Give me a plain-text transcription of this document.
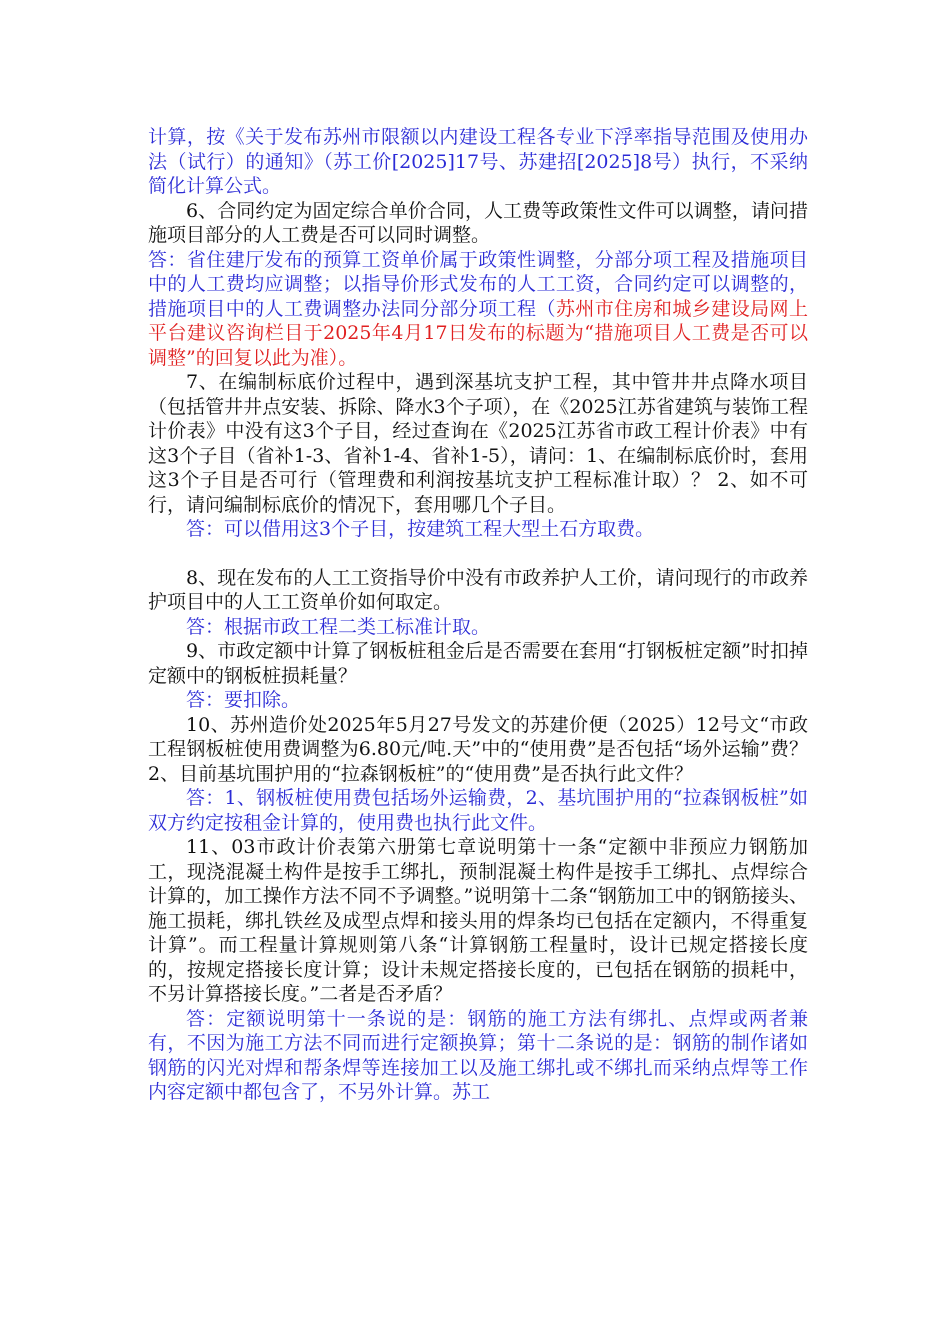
计算，按《关于发布苏州市限额以内建设工程各专业下浮率指导范围及使用办法（试行）的通知》（苏工价[2025]17号、苏建招[2025]8号）执行，不采纳简化计算公式。

6、合同约定为固定综合单价合同，人工费等政策性文件可以调整，请问措施项目部分的人工费是否可以同时调整。

答：省住建厅发布的预算工资单价属于政策性调整，分部分项工程及措施项目中的人工费均应调整；以指导价形式发布的人工工资，合同约定可以调整的，措施项目中的人工费调整办法同分部分项工程（苏州市住房和城乡建设局网上平台建议咨询栏目于2025年4月17日发布的标题为“措施项目人工费是否可以调整”的回复以此为准）。

7、在编制标底价过程中，遇到深基坑支护工程，其中管井井点降水项目（包括管井井点安装、拆除、降水3个子项），在《2025江苏省建筑与装饰工程计价表》中没有这3个子目，经过查询在《2025江苏省市政工程计价表》中有这3个子目（省补1-3、省补1-4、省补1-5），请问：1、在编制标底价时，套用这3个子目是否可行（管理费和利润按基坑支护工程标准计取）？ 2、如不可行，请问编制标底价的情况下，套用哪几个子目。

答：可以借用这3个子目，按建筑工程大型土石方取费。

8、现在发布的人工工资指导价中没有市政养护人工价，请问现行的市政养护项目中的人工工资单价如何取定。

答：根据市政工程二类工标准计取。

9、市政定额中计算了钢板桩租金后是否需要在套用“打钢板桩定额”时扣掉定额中的钢板桩损耗量？

答：要扣除。

10、苏州造价处2025年5月27号发文的苏建价便（2025）12号文“市政工程钢板桩使用费调整为6.80元/吨.天”中的“使用费”是否包括“场外运输”费？ 2、目前基坑围护用的“拉森钢板桩”的“使用费”是否执行此文件？

答：1、钢板桩使用费包括场外运输费，2、基坑围护用的“拉森钢板桩”如双方约定按租金计算的，使用费也执行此文件。

11、03市政计价表第六册第七章说明第十一条“定额中非预应力钢筋加工，现浇混凝土构件是按手工绑扎，预制混凝土构件是按手工绑扎、点焊综合计算的，加工操作方法不同不予调整。”说明第十二条“钢筋加工中的钢筋接头、施工损耗，绑扎铁丝及成型点焊和接头用的焊条均已包括在定额内，不得重复计算”。而工程量计算规则第八条“计算钢筋工程量时，设计已规定搭接长度的，按规定搭接长度计算；设计未规定搭接长度的，已包括在钢筋的损耗中，不另计算搭接长度。”二者是否矛盾？

答：定额说明第十一条说的是：钢筋的施工方法有绑扎、点焊或两者兼有，不因为施工方法不同而进行定额换算；第十二条说的是：钢筋的制作诸如钢筋的闪光对焊和帮条焊等连接加工以及施工绑扎或不绑扎而采纳点焊等工作内容定额中都包含了，不另外计算。苏工
